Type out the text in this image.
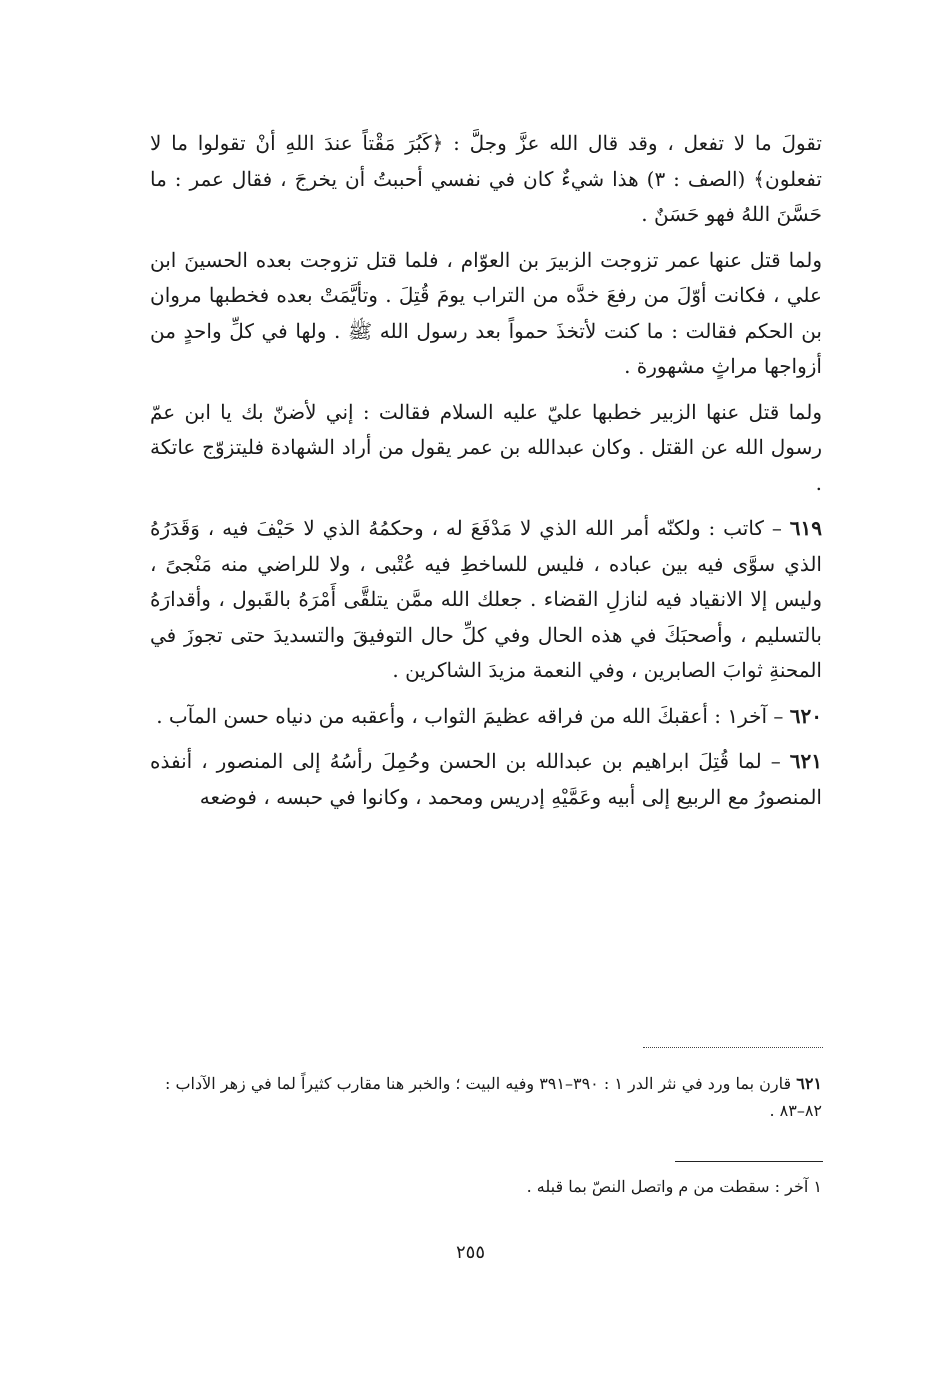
تقولَ ما لا تفعل ، وقد قال الله عزَّ وجلَّ : ﴿كَبُرَ مَقْتاً عندَ اللهِ أنْ تقولوا ما لا تفعلون﴾ (الصف : ٣) هذا شيءٌ كان في نفسي أحببتُ أن يخرجَ ، فقال عمر : ما حَسَّنَ اللهُ فهو حَسَنٌ .

ولما قتل عنها عمر تزوجت الزبيرَ بن العوّام ، فلما قتل تزوجت بعده الحسينَ ابن علي ، فكانت أوّلَ من رفعَ خدَّه من التراب يومَ قُتِلَ . وتأيَّمَتْ بعده فخطبها مروان بن الحكم فقالت : ما كنت لأتخذَ حمواً بعد رسول الله ﷺ . ولها في كلِّ واحدٍ من أزواجها مراثٍ مشهورة .

ولما قتل عنها الزبير خطبها عليّ عليه السلام فقالت : إني لأضنّ بك يا ابن عمّ رسول الله عن القتل . وكان عبدالله بن عمر يقول من أراد الشهادة فليتزوّج عاتكة .

٦١٩ – كاتب : ولكنّه أمر الله الذي لا مَدْفَعَ له ، وحكمُهُ الذي لا حَيْفَ فيه ، وَقَدَرُهُ الذي سوَّى فيه بين عباده ، فليس للساخطِ فيه عُتْبى ، ولا للراضي منه مَنْجىً ، وليس إلا الانقياد فيه لنازلِ القضاء . جعلك الله ممَّن يتلقَّى أَمْرَهُ بالقَبول ، وأقدارَهُ بالتسليم ، وأصحبَكَ في هذه الحال وفي كلِّ حال التوفيقَ والتسديدَ حتى تجوزَ في المحنةِ ثوابَ الصابرين ، وفي النعمة مزيدَ الشاكرين .

٦٢٠ – آخر١ : أعقبكَ الله من فراقه عظيمَ الثواب ، وأعقبه من دنياه حسن المآب .

٦٢١ – لما قُتِلَ ابراهيم بن عبدالله بن الحسن وحُمِلَ رأسُهُ إلى المنصور ، أنفذه المنصورُ مع الربيع إلى أبيه وعَمَّيْهِ إدريس ومحمد ، وكانوا في حبسه ، فوضعه

٦٢١ قارن بما ورد في نثر الدر ١ : ٣٩٠–٣٩١ وفيه البيت ؛ والخبر هنا مقارب كثيراً لما في زهر الآداب : ٨٢–٨٣ .
١ آخر : سقطت من م واتصل النصّ بما قبله .
٢٥٥
